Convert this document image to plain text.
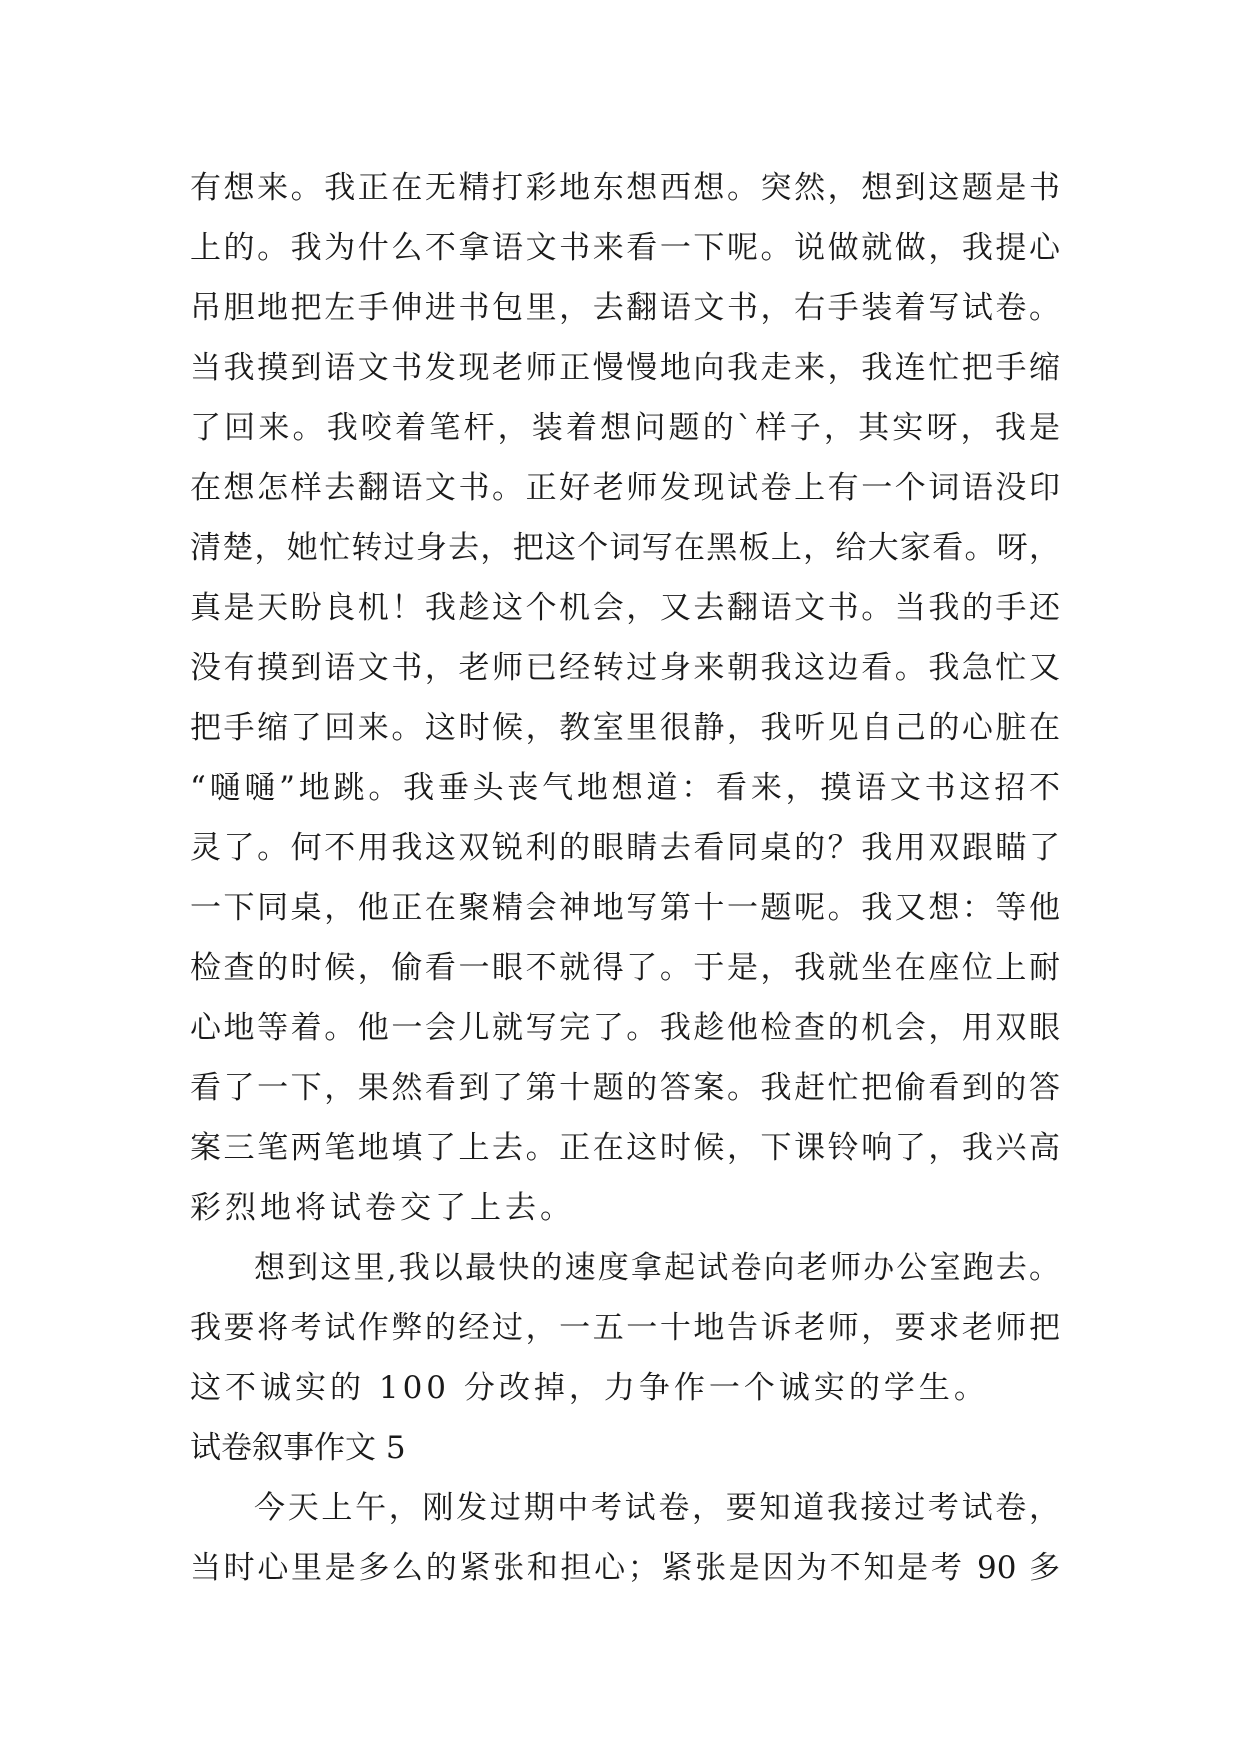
有想来。我正在无精打彩地东想西想。突然，想到这题是书
上的。我为什么不拿语文书来看一下呢。说做就做，我提心
吊胆地把左手伸进书包里，去翻语文书，右手装着写试卷。
当我摸到语文书发现老师正慢慢地向我走来，我连忙把手缩
了回来。我咬着笔杆，装着想问题的`样子，其实呀，我是
在想怎样去翻语文书。正好老师发现试卷上有一个词语没印
清楚，她忙转过身去，把这个词写在黑板上，给大家看。呀，
真是天盼良机！我趁这个机会，又去翻语文书。当我的手还
没有摸到语文书，老师已经转过身来朝我这边看。我急忙又
把手缩了回来。这时候，教室里很静，我听见自己的心脏在
“嗵嗵”地跳。我垂头丧气地想道：看来，摸语文书这招不
灵了。何不用我这双锐利的眼睛去看同桌的？我用双跟瞄了
一下同桌，他正在聚精会神地写第十一题呢。我又想：等他
检查的时候，偷看一眼不就得了。于是，我就坐在座位上耐
心地等着。他一会儿就写完了。我趁他检查的机会，用双眼
看了一下，果然看到了第十题的答案。我赶忙把偷看到的答
案三笔两笔地填了上去。正在这时候，下课铃响了，我兴高
彩烈地将试卷交了上去。
想到这里,我以最快的速度拿起试卷向老师办公室跑去。
我要将考试作弊的经过，一五一十地告诉老师，要求老师把
这不诚实的 100 分改掉，力争作一个诚实的学生。
试卷叙事作文 5
今天上午，刚发过期中考试卷，要知道我接过考试卷，
当时心里是多么的紧张和担心；紧张是因为不知是考 90 多
